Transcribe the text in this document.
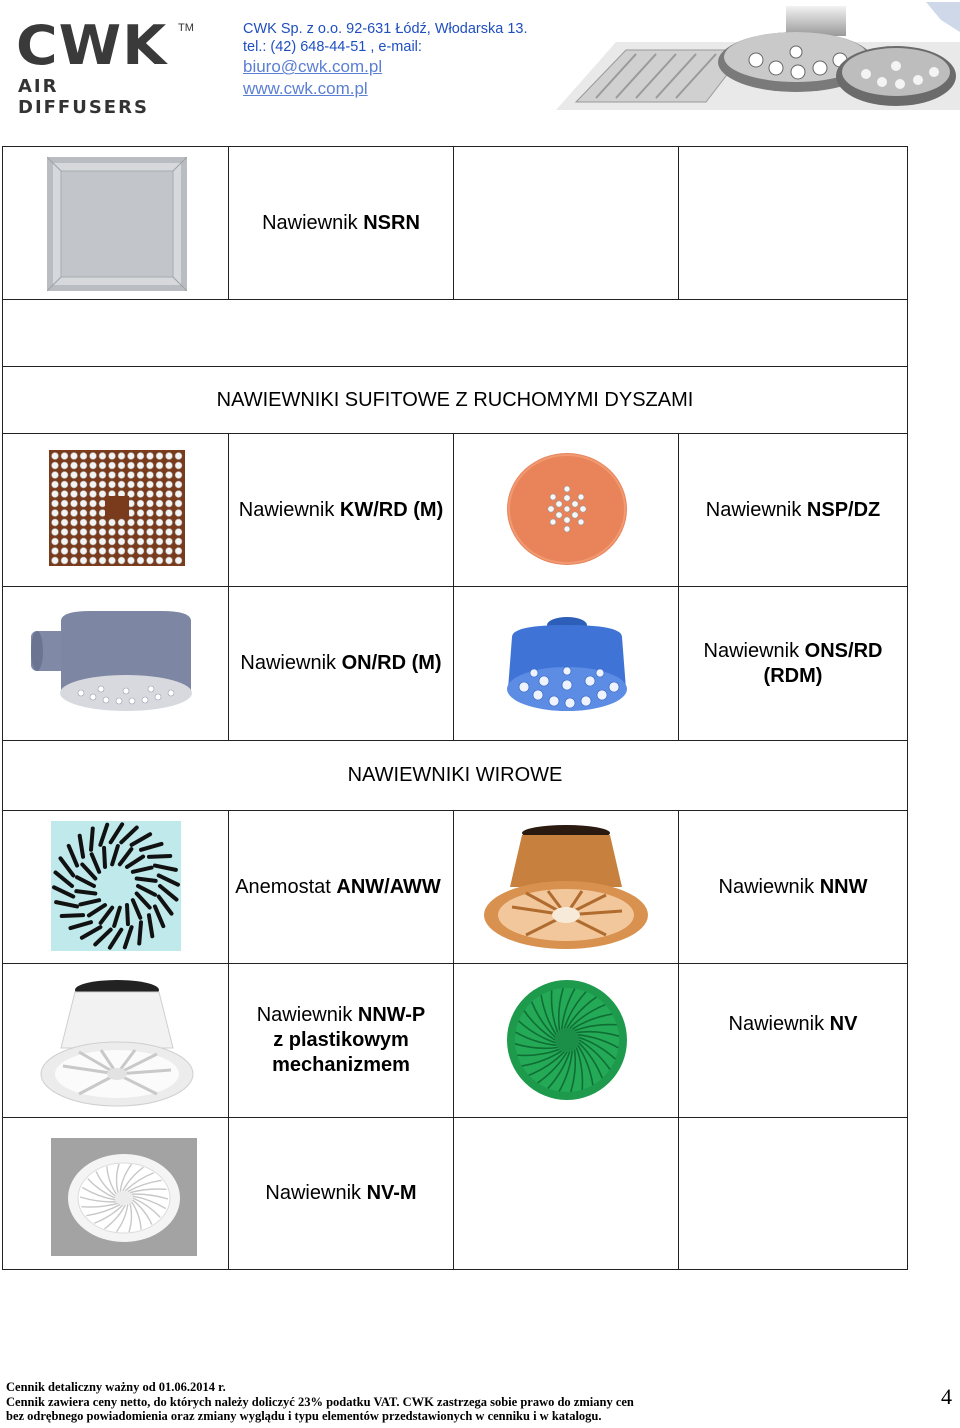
CWK TM
AIR DIFFUSERS
CWK Sp. z o.o. 92-631 Łódź, Włodarska 13.
tel.: (42) 648-44-51 , e-mail:
biuro@cwk.com.pl
www.cwk.com.pl
Nawiewnik NSRN
NAWIEWNIKI SUFITOWE Z RUCHOMYMI DYSZAMI
Nawiewnik KW/RD (M)	Nawiewnik NSP/DZ
Nawiewnik ON/RD (M)
Nawiewnik ONS/RD
(RDM)
NAWIEWNIKI WIROWE
Anemostat ANW/AWW	Nawiewnik NNW
Nawiewnik NNW-P
z plastikowym
mechanizmem
Nawiewnik NV
Nawiewnik NV-M
Cennik detaliczny ważny od 01.06.2014 r.
Cennik zawiera ceny netto, do których należy doliczyć 23% podatku VAT. CWK zastrzega sobie prawo do zmiany cen
bez odrębnego powiadomienia oraz zmiany wyglądu i typu elementów przedstawionych w cenniku i w katalogu.
4
